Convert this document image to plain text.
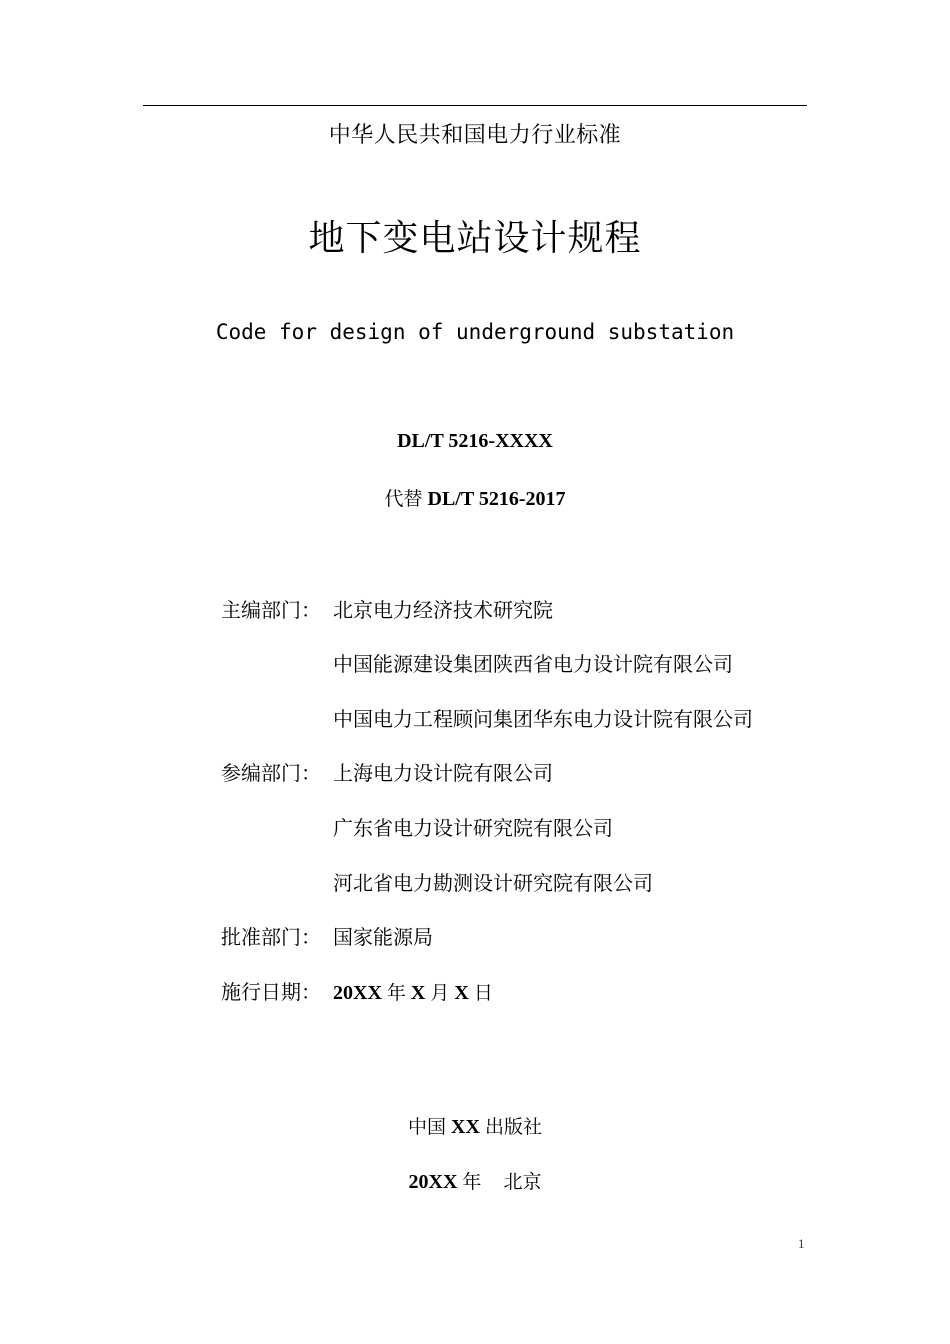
中华人民共和国电力行业标准
地下变电站设计规程
Code for design of underground substation
DL/T 5216-XXXX
代替 DL/T 5216-2017
主编部门： 北京电力经济技术研究院
中国能源建设集团陕西省电力设计院有限公司
中国电力工程顾问集团华东电力设计院有限公司
参编部门： 上海电力设计院有限公司
广东省电力设计研究院有限公司
河北省电力勘测设计研究院有限公司
批准部门： 国家能源局
施行日期： 20XX 年 X 月 X 日
中国 XX 出版社
20XX 年 北京
1
